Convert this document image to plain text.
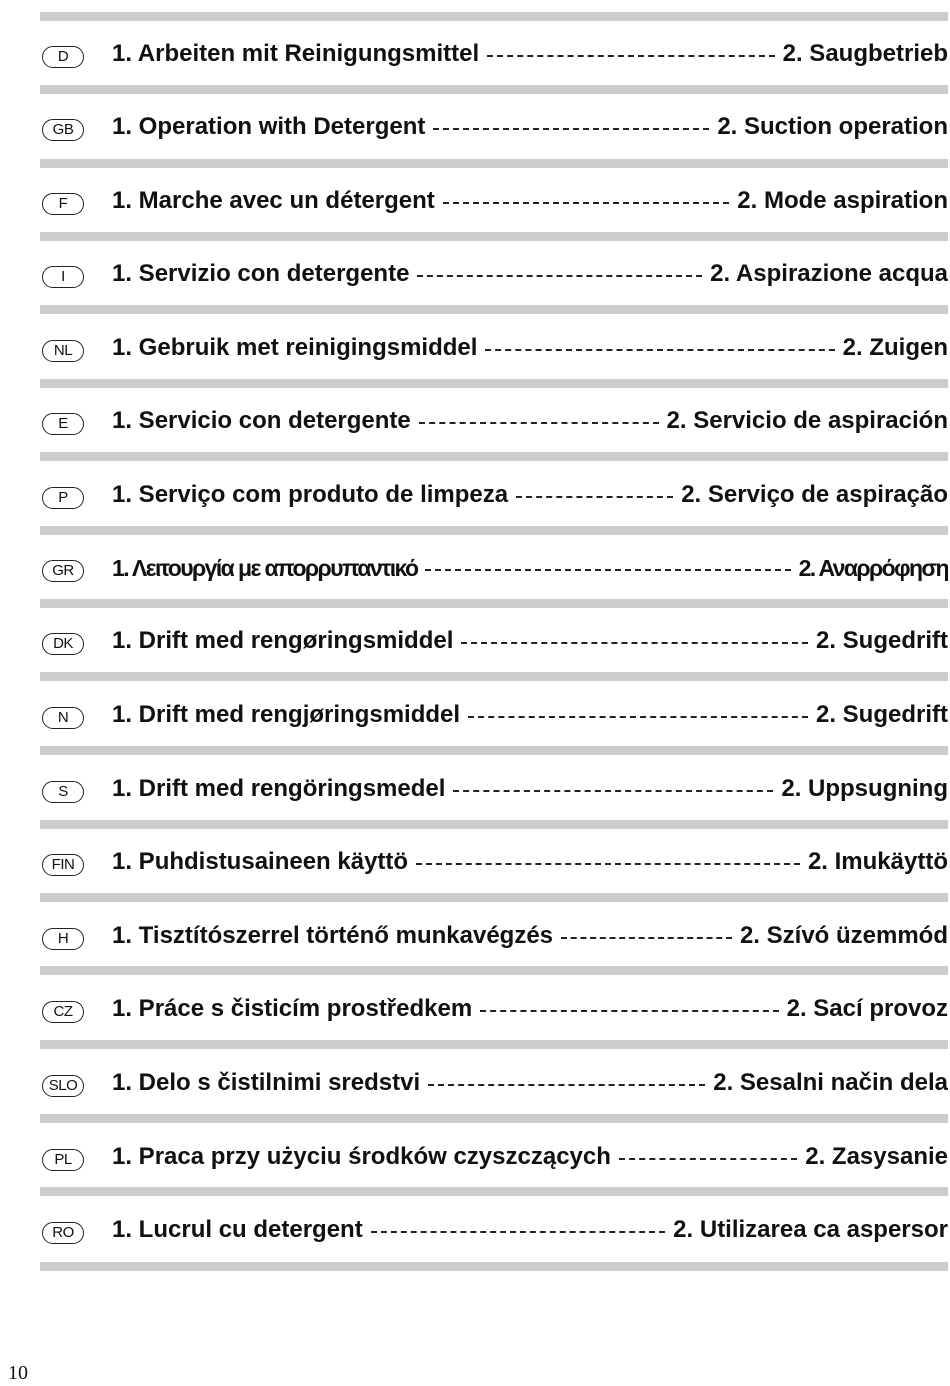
D	1. Arbeiten mit Reinigungsmittel	2. Saugbetrieb
GB	1. Operation with Detergent	2. Suction operation
F	1. Marche avec un détergent	2. Mode aspiration
I	1. Servizio con detergente	2. Aspirazione acqua
NL	1. Gebruik met reinigingsmiddel	2. Zuigen
E	1. Servicio con detergente	2. Servicio de aspiración
P	1. Serviço com produto de limpeza	2. Serviço de aspiração
GR	1. Λειτουργία με απορρυπαντικό	2. Αναρρόφηση
DK	1. Drift med rengøringsmiddel	2. Sugedrift
N	1. Drift med rengjøringsmiddel	2. Sugedrift
S	1. Drift med rengöringsmedel	2. Uppsugning
FIN	1. Puhdistusaineen käyttö	2. Imukäyttö
H	1. Tisztítószerrel történő munkavégzés	2. Szívó üzemmód
CZ	1. Práce s čisticím prostředkem	2. Sací provoz
SLO 1. Delo s čistilnimi sredstvi	2. Sesalni način dela
PL	1. Praca przy użyciu środków czyszczących	2. Zasysanie
RO	1. Lucrul cu detergent	2. Utilizarea ca aspersor
10
